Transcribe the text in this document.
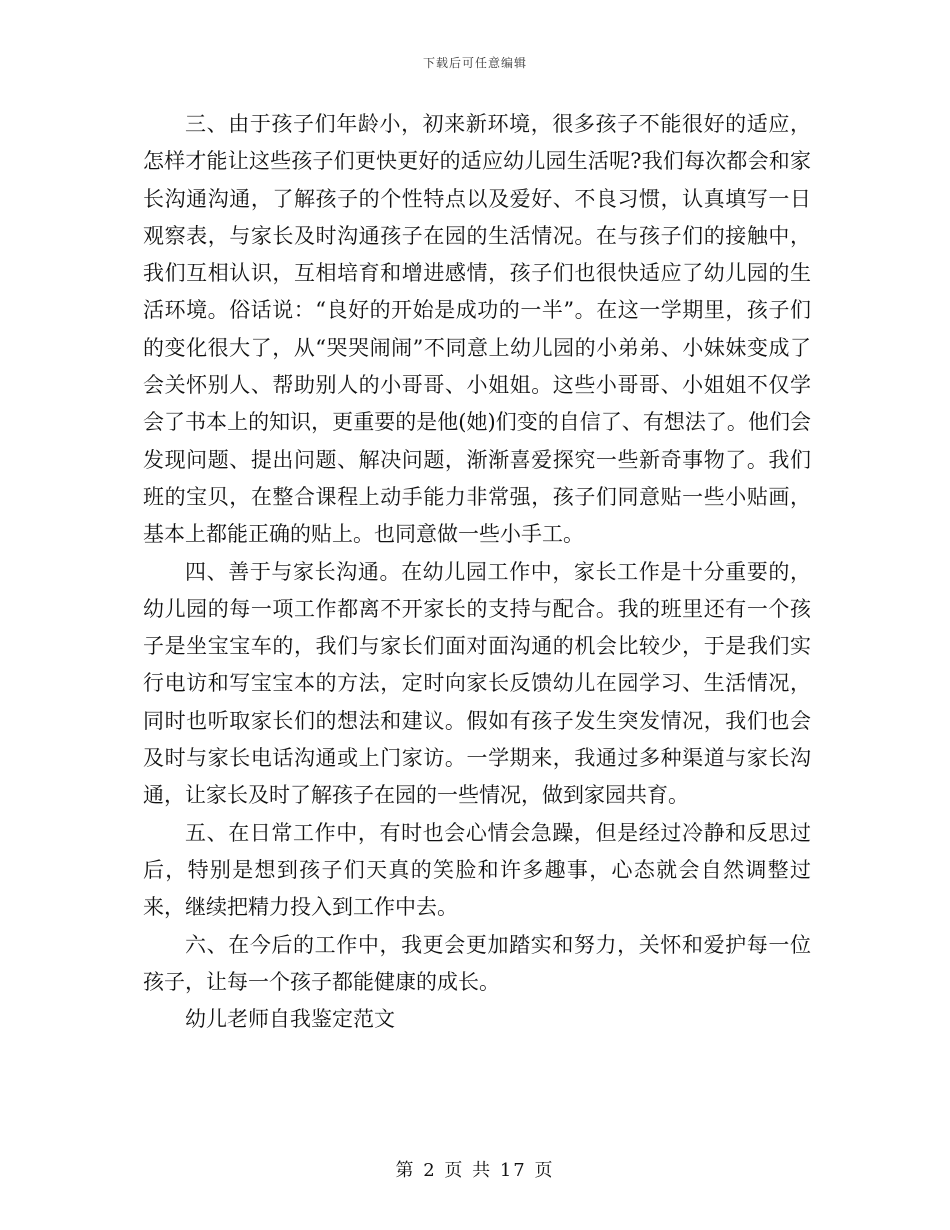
下载后可任意编辑

三、由于孩子们年龄小，初来新环境，很多孩子不能很好的适应，怎样才能让这些孩子们更快更好的适应幼儿园生活呢?我们每次都会和家长沟通沟通，了解孩子的个性特点以及爱好、不良习惯，认真填写一日观察表，与家长及时沟通孩子在园的生活情况。在与孩子们的接触中，我们互相认识，互相培育和增进感情，孩子们也很快适应了幼儿园的生活环境。俗话说：“良好的开始是成功的一半”。在这一学期里，孩子们的变化很大了，从“哭哭闹闹”不同意上幼儿园的小弟弟、小妹妹变成了会关怀别人、帮助别人的小哥哥、小姐姐。这些小哥哥、小姐姐不仅学会了书本上的知识，更重要的是他(她)们变的自信了、有想法了。他们会发现问题、提出问题、解决问题，渐渐喜爱探究一些新奇事物了。我们班的宝贝，在整合课程上动手能力非常强，孩子们同意贴一些小贴画，基本上都能正确的贴上。也同意做一些小手工。

四、善于与家长沟通。在幼儿园工作中，家长工作是十分重要的，幼儿园的每一项工作都离不开家长的支持与配合。我的班里还有一个孩子是坐宝宝车的，我们与家长们面对面沟通的机会比较少，于是我们实行电访和写宝宝本的方法，定时向家长反馈幼儿在园学习、生活情况，同时也听取家长们的想法和建议。假如有孩子发生突发情况，我们也会及时与家长电话沟通或上门家访。一学期来，我通过多种渠道与家长沟通，让家长及时了解孩子在园的一些情况，做到家园共育。

五、在日常工作中，有时也会心情会急躁，但是经过冷静和反思过后，特别是想到孩子们天真的笑脸和许多趣事，心态就会自然调整过来，继续把精力投入到工作中去。

六、在今后的工作中，我更会更加踏实和努力，关怀和爱护每一位孩子，让每一个孩子都能健康的成长。

幼儿老师自我鉴定范文

第 2 页 共 17 页
